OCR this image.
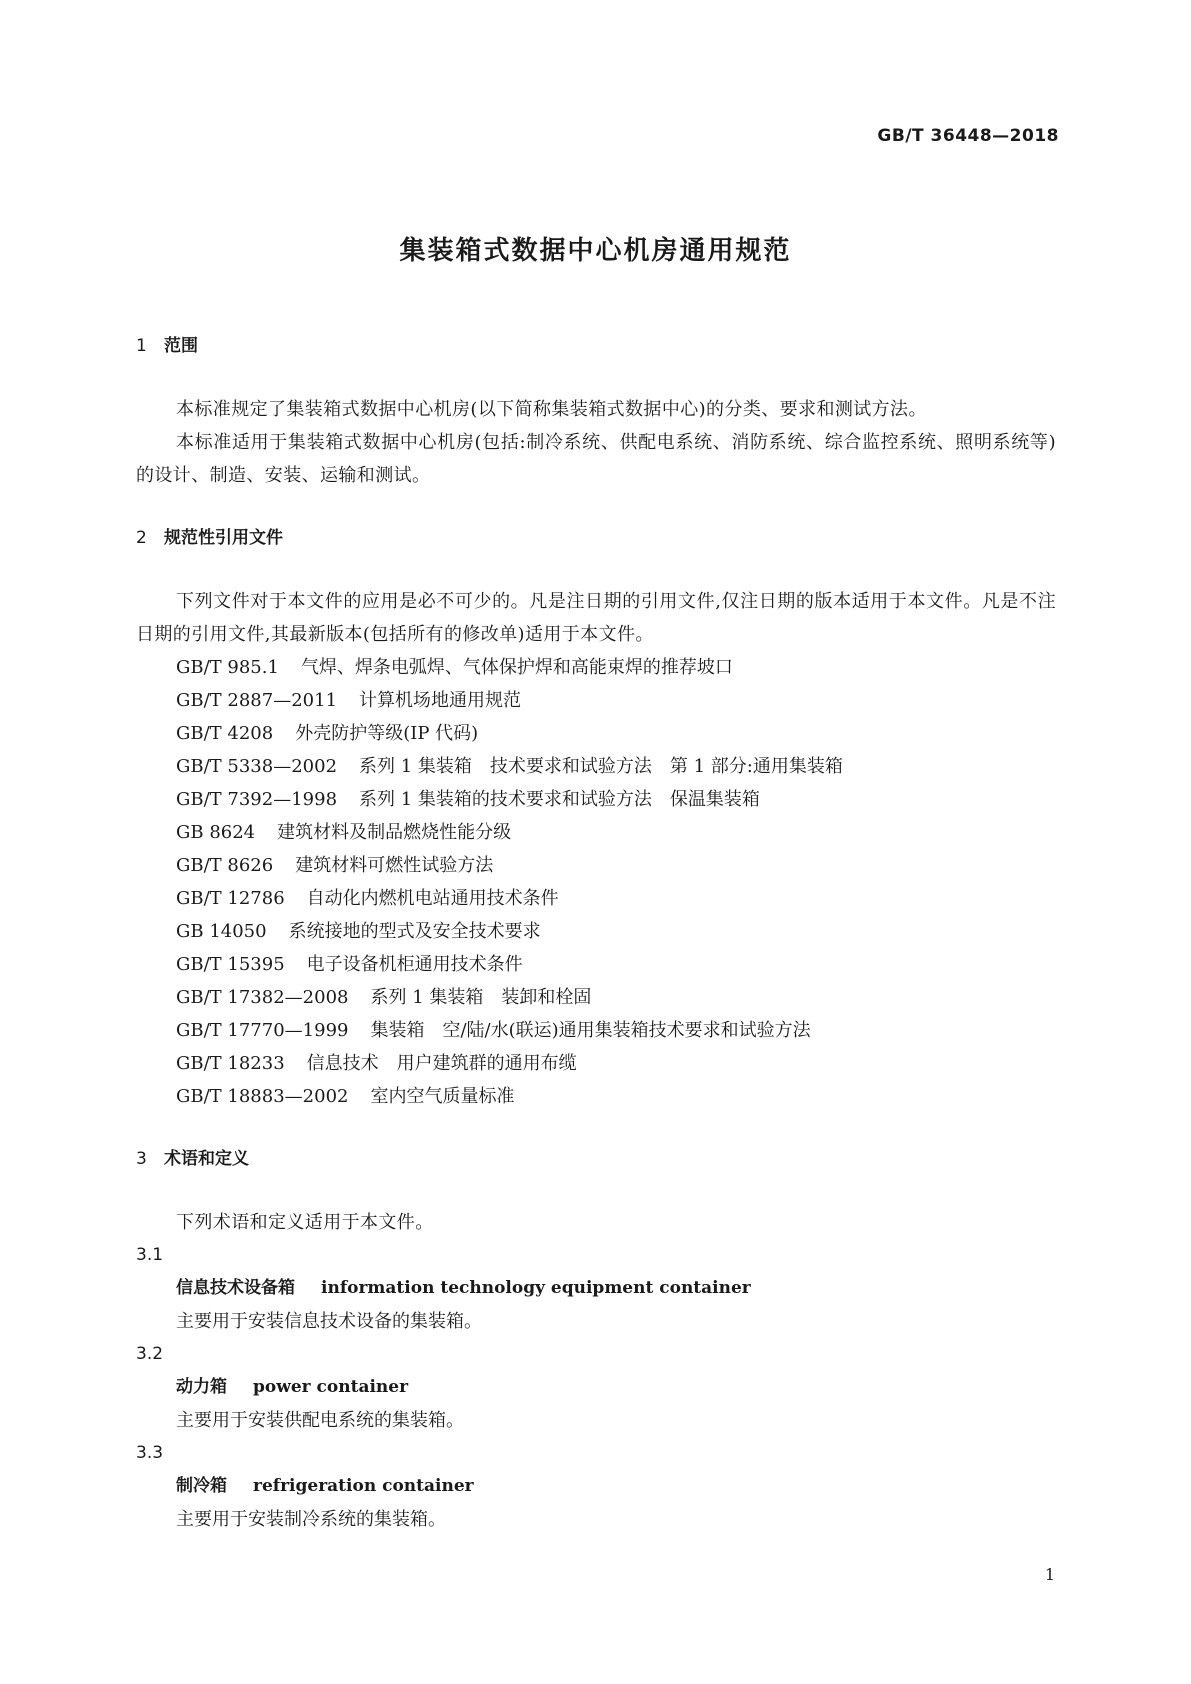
GB/T 36448—2018
集装箱式数据中心机房通用规范
1 范围

本标准规定了集装箱式数据中心机房(以下简称集装箱式数据中心)的分类、要求和测试方法。

本标准适用于集装箱式数据中心机房(包括:制冷系统、供配电系统、消防系统、综合监控系统、照明系统等)的设计、制造、安装、运输和测试。

2 规范性引用文件

下列文件对于本文件的应用是必不可少的。凡是注日期的引用文件,仅注日期的版本适用于本文件。凡是不注日期的引用文件,其最新版本(包括所有的修改单)适用于本文件。

GB/T 985.1 气焊、焊条电弧焊、气体保护焊和高能束焊的推荐坡口
GB/T 2887—2011 计算机场地通用规范
GB/T 4208 外壳防护等级(IP 代码)
GB/T 5338—2002 系列 1 集装箱　技术要求和试验方法　第 1 部分:通用集装箱
GB/T 7392—1998 系列 1 集装箱的技术要求和试验方法　保温集装箱
GB 8624 建筑材料及制品燃烧性能分级
GB/T 8626 建筑材料可燃性试验方法
GB/T 12786 自动化内燃机电站通用技术条件
GB 14050 系统接地的型式及安全技术要求
GB/T 15395 电子设备机柜通用技术条件
GB/T 17382—2008 系列 1 集装箱　装卸和栓固
GB/T 17770—1999 集装箱　空/陆/水(联运)通用集装箱技术要求和试验方法
GB/T 18233 信息技术　用户建筑群的通用布缆
GB/T 18883—2002 室内空气质量标准
3 术语和定义

下列术语和定义适用于本文件。

3.1
信息技术设备箱 information technology equipment container
主要用于安装信息技术设备的集装箱。
3.2
动力箱 power container
主要用于安装供配电系统的集装箱。
3.3
制冷箱 refrigeration container
主要用于安装制冷系统的集装箱。
1
